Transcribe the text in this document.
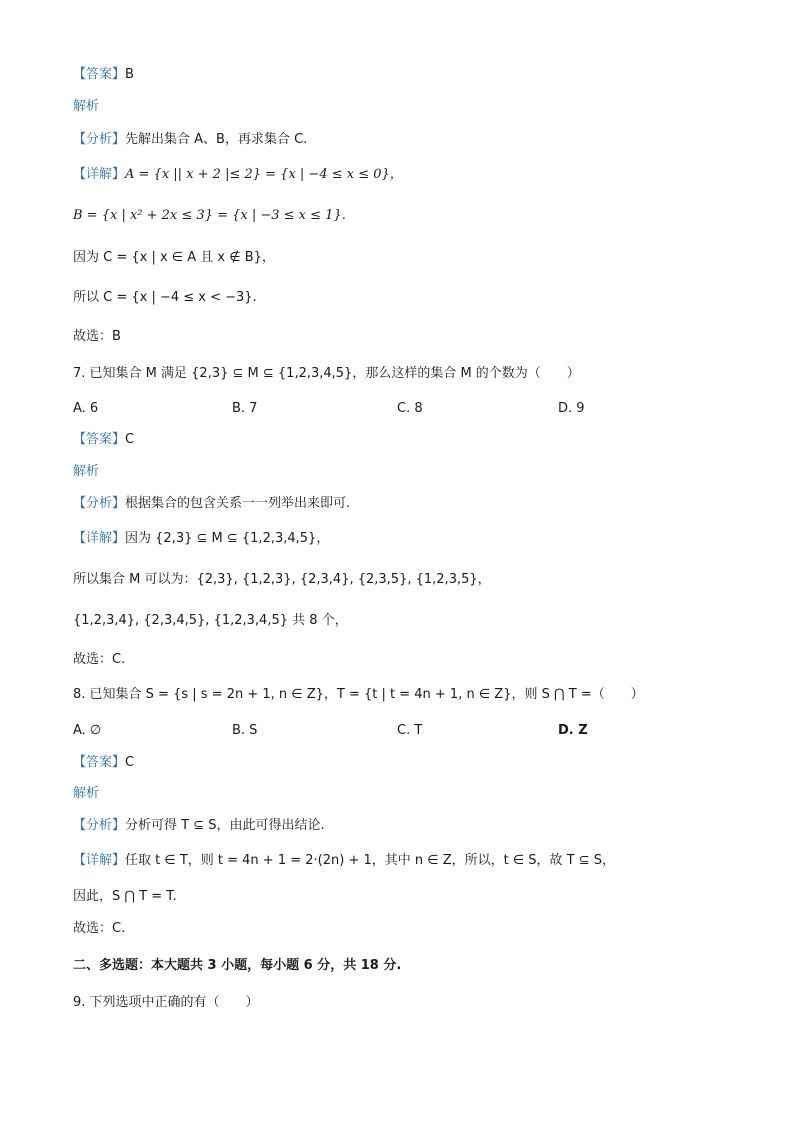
【答案】B
解析
【分析】先解出集合 A、B，再求集合 C.
【详解】A = {x || x + 2 |≤ 2} = {x | −4 ≤ x ≤ 0}，
B = {x | x² + 2x ≤ 3} = {x | −3 ≤ x ≤ 1}.
因为 C = {x | x ∈ A 且 x ∉ B}，
所以 C = {x | −4 ≤ x < −3}.
故选：B
7. 已知集合 M 满足 {2,3} ⊆ M ⊆ {1,2,3,4,5}，那么这样的集合 M 的个数为（　　）
A. 6	B. 7	C. 8	D. 9
【答案】C
解析
【分析】根据集合的包含关系一一列举出来即可.
【详解】因为 {2,3} ⊆ M ⊆ {1,2,3,4,5}，
所以集合 M 可以为：{2,3}, {1,2,3}, {2,3,4}, {2,3,5}, {1,2,3,5}，
{1,2,3,4}, {2,3,4,5}, {1,2,3,4,5} 共 8 个，
故选：C.
8. 已知集合 S = {s | s = 2n + 1, n ∈ Z}，T = {t | t = 4n + 1, n ∈ Z}，则 S ⋂ T =（　　）
A. ∅	B. S	C. T	D. Z
【答案】C
解析
【分析】分析可得 T ⊆ S，由此可得出结论.
【详解】任取 t ∈ T，则 t = 4n + 1 = 2·(2n) + 1，其中 n ∈ Z，所以，t ∈ S，故 T ⊆ S，
因此，S ⋂ T = T.
故选：C.
二、多选题：本大题共 3 小题，每小题 6 分，共 18 分.
9. 下列选项中正确的有（　　）
